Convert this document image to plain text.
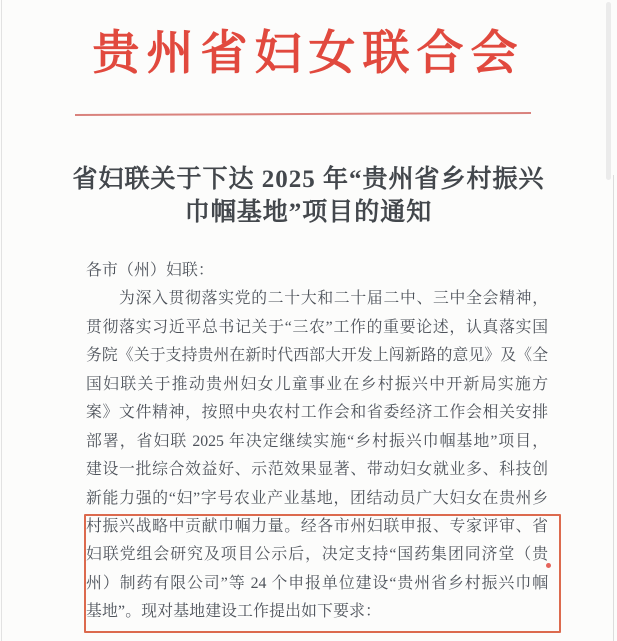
贵州省妇女联合会
省妇联关于下达 2025 年“贵州省乡村振兴
巾帼基地”项目的通知
各市（州）妇联：
　　为深入贯彻落实党的二十大和二十届二中、三中全会精神，
贯彻落实习近平总书记关于“三农”工作的重要论述，认真落实国
务院《关于支持贵州在新时代西部大开发上闯新路的意见》及《全
国妇联关于推动贵州妇女儿童事业在乡村振兴中开新局实施方
案》文件精神，按照中央农村工作会和省委经济工作会相关安排
部署，省妇联 2025 年决定继续实施“乡村振兴巾帼基地”项目，
建设一批综合效益好、示范效果显著、带动妇女就业多、科技创
新能力强的“妇”字号农业产业基地，团结动员广大妇女在贵州乡
村振兴战略中贡献巾帼力量。经各市州妇联申报、专家评审、省
妇联党组会研究及项目公示后，决定支持“国药集团同济堂（贵
州）制药有限公司”等 24 个申报单位建设“贵州省乡村振兴巾帼
基地”。现对基地建设工作提出如下要求：
